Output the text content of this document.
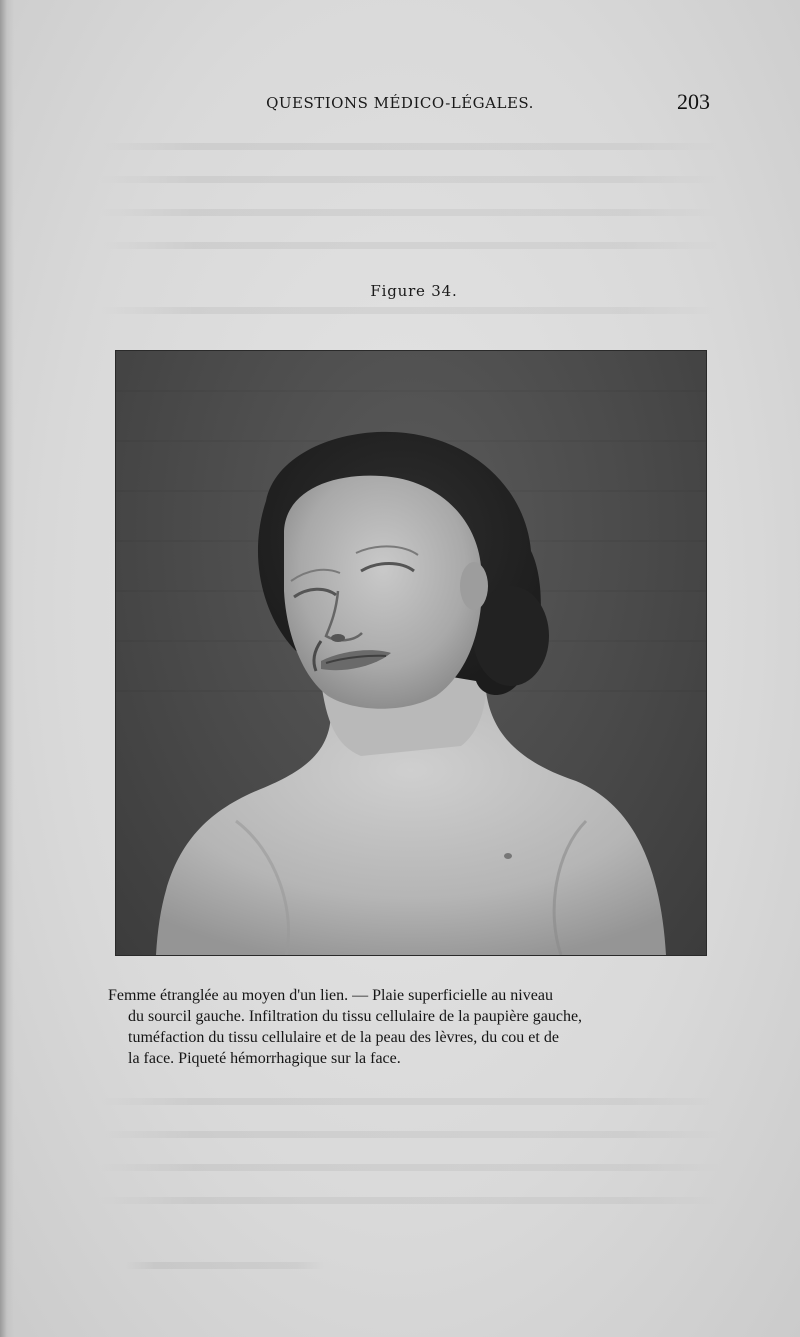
QUESTIONS MÉDICO-LÉGALES.	203
Figure 34.
Femme étranglée au moyen d'un lien. — Plaie superficielle au niveau
du sourcil gauche. Infiltration du tissu cellulaire de la paupière gauche,
tuméfaction du tissu cellulaire et de la peau des lèvres, du cou et de
la face. Piqueté hémorrhagique sur la face.
